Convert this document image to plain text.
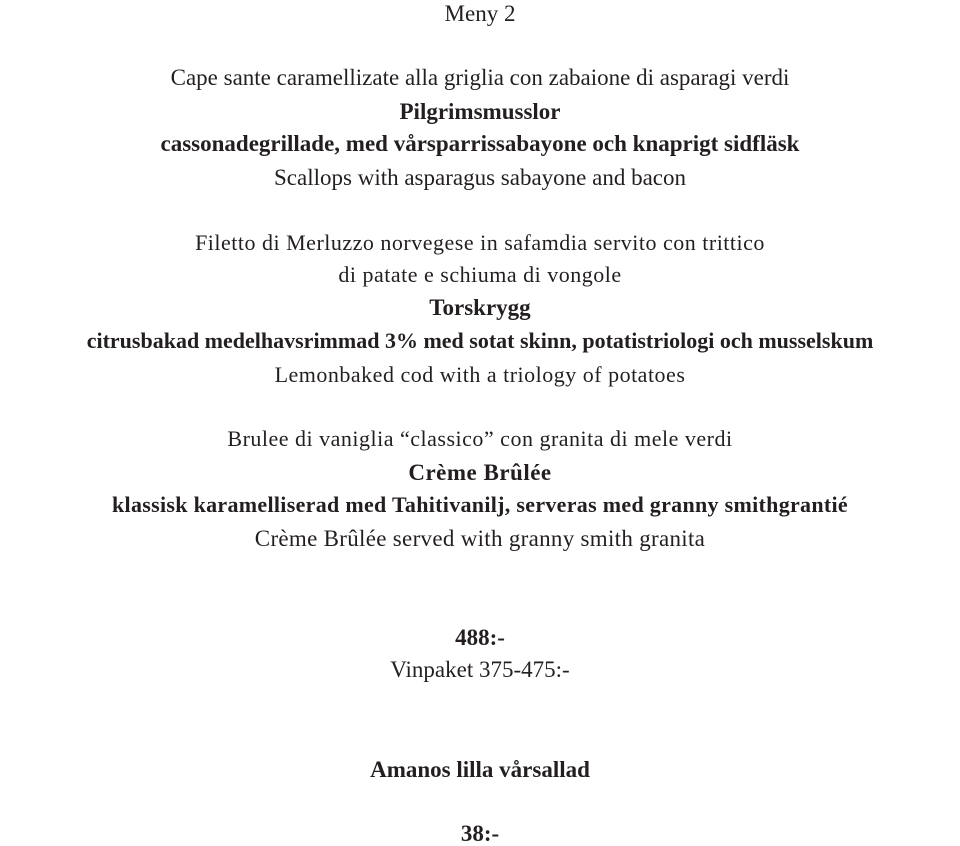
Meny 2
Cape sante caramellizate alla griglia con zabaione di asparagi verdi
Pilgrimsmusslor
cassonadegrillade, med vårsparrissabayone och knaprigt sidfläsk
Scallops with asparagus sabayone and bacon
Filetto di Merluzzo norvegese in safamdia servito con trittico
di patate e schiuma di vongole
Torskrygg
citrusbakad medelhavsrimmad 3% med sotat skinn, potatistriologi och musselskum
Lemonbaked cod with a triology of potatoes
Brulee di vaniglia “classico” con granita di mele verdi
Crème Brûlée
klassisk karamelliserad med Tahitivanilj, serveras med granny smithgrantié
Crème Brûlée served with granny smith granita
488:-
Vinpaket 375-475:-
Amanos lilla vårsallad
38:-
